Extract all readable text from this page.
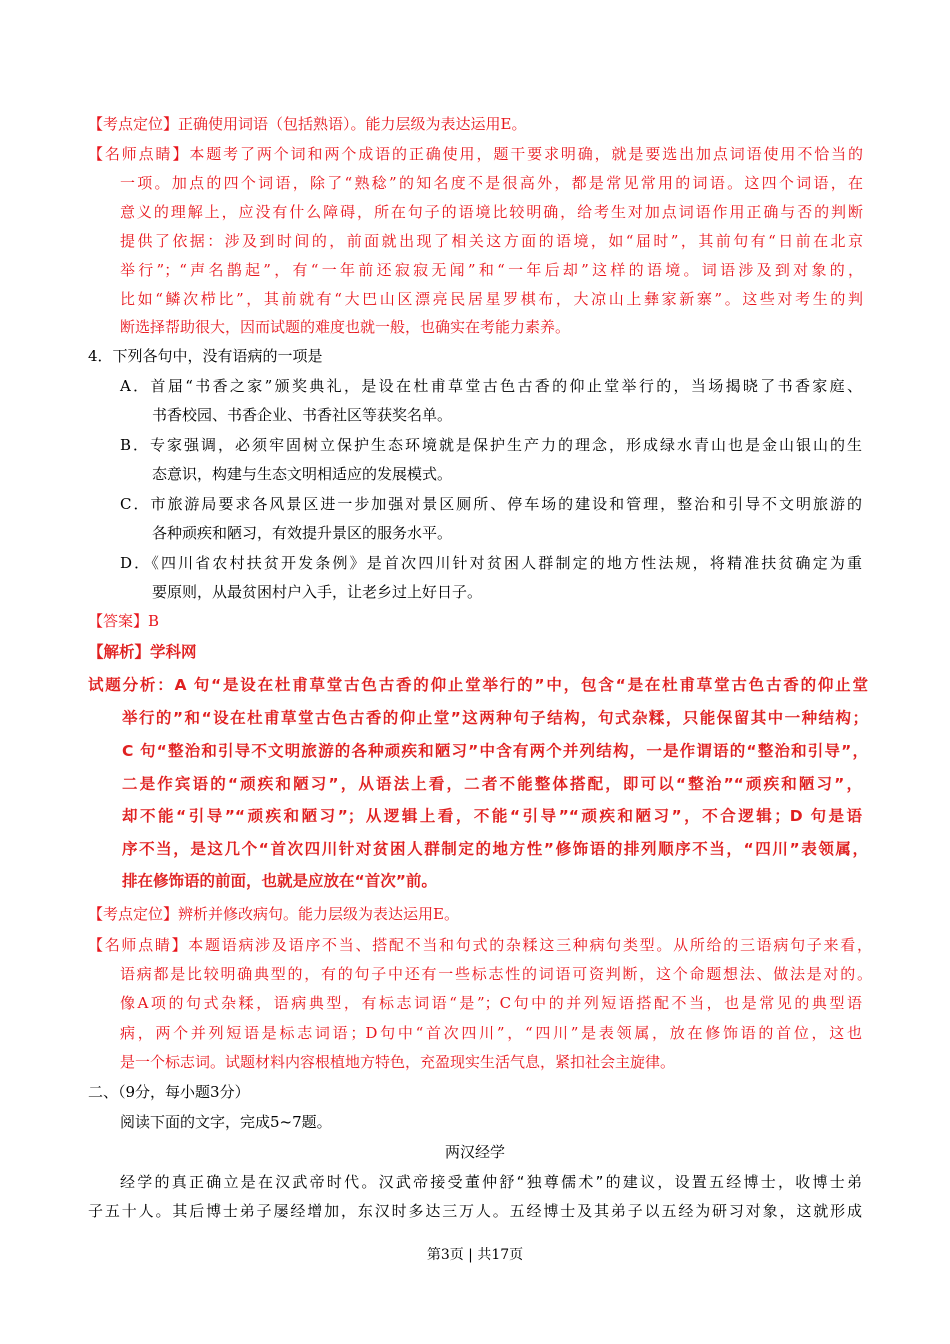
【考点定位】正确使用词语（包括熟语）。能力层级为表达运用E。
【名师点睛】本题考了两个词和两个成语的正确使用，题干要求明确，就是要选出加点词语使用不恰当的
一项。加点的四个词语，除了“熟稔”的知名度不是很高外，都是常见常用的词语。这四个词语，在
意义的理解上，应没有什么障碍，所在句子的语境比较明确，给考生对加点词语作用正确与否的判断
提供了依据：涉及到时间的，前面就出现了相关这方面的语境，如“届时”，其前句有“日前在北京
举行”；“声名鹊起”，有“一年前还寂寂无闻”和“一年后却”这样的语境。词语涉及到对象的，
比如“鳞次栉比”，其前就有“大巴山区漂亮民居星罗棋布，大凉山上彝家新寨”。这些对考生的判
断选择帮助很大，因而试题的难度也就一般，也确实在考能力素养。
4．下列各句中，没有语病的一项是
A．首届“书香之家”颁奖典礼，是设在杜甫草堂古色古香的仰止堂举行的，当场揭晓了书香家庭、
书香校园、书香企业、书香社区等获奖名单。
B．专家强调，必须牢固树立保护生态环境就是保护生产力的理念，形成绿水青山也是金山银山的生
态意识，构建与生态文明相适应的发展模式。
C．市旅游局要求各风景区进一步加强对景区厕所、停车场的建设和管理，整治和引导不文明旅游的
各种顽疾和陋习，有效提升景区的服务水平。
D．《四川省农村扶贫开发条例》是首次四川针对贫困人群制定的地方性法规，将精准扶贫确定为重
要原则，从最贫困村户入手，让老乡过上好日子。
【答案】B
【解析】学科网
试题分析：A 句“是设在杜甫草堂古色古香的仰止堂举行的”中，包含“是在杜甫草堂古色古香的仰止堂
举行的”和“设在杜甫草堂古色古香的仰止堂”这两种句子结构，句式杂糅，只能保留其中一种结构；
C 句“整治和引导不文明旅游的各种顽疾和陋习”中含有两个并列结构，一是作谓语的“整治和引导”，
二是作宾语的“顽疾和陋习”，从语法上看，二者不能整体搭配，即可以“整治”“顽疾和陋习”，
却不能“引导”“顽疾和陋习”；从逻辑上看，不能“引导”“顽疾和陋习”，不合逻辑；D 句是语
序不当，是这几个“首次四川针对贫困人群制定的地方性”修饰语的排列顺序不当，“四川”表领属，
排在修饰语的前面，也就是应放在“首次”前。
【考点定位】辨析并修改病句。能力层级为表达运用E。
【名师点睛】本题语病涉及语序不当、搭配不当和句式的杂糅这三种病句类型。从所给的三语病句子来看，
语病都是比较明确典型的，有的句子中还有一些标志性的词语可资判断，这个命题想法、做法是对的。
像A项的句式杂糅，语病典型，有标志词语“是”；C句中的并列短语搭配不当，也是常见的典型语
病，两个并列短语是标志词语；D句中“首次四川”，“四川”是表领属，放在修饰语的首位，这也
是一个标志词。试题材料内容根植地方特色，充盈现实生活气息，紧扣社会主旋律。
二、（9分，每小题3分）
阅读下面的文字，完成5~7题。
两汉经学
经学的真正确立是在汉武帝时代。汉武帝接受董仲舒“独尊儒术”的建议，设置五经博士，收博士弟
子五十人。其后博士弟子屡经增加，东汉时多达三万人。五经博士及其弟子以五经为研习对象，这就形成
第3页 | 共17页
